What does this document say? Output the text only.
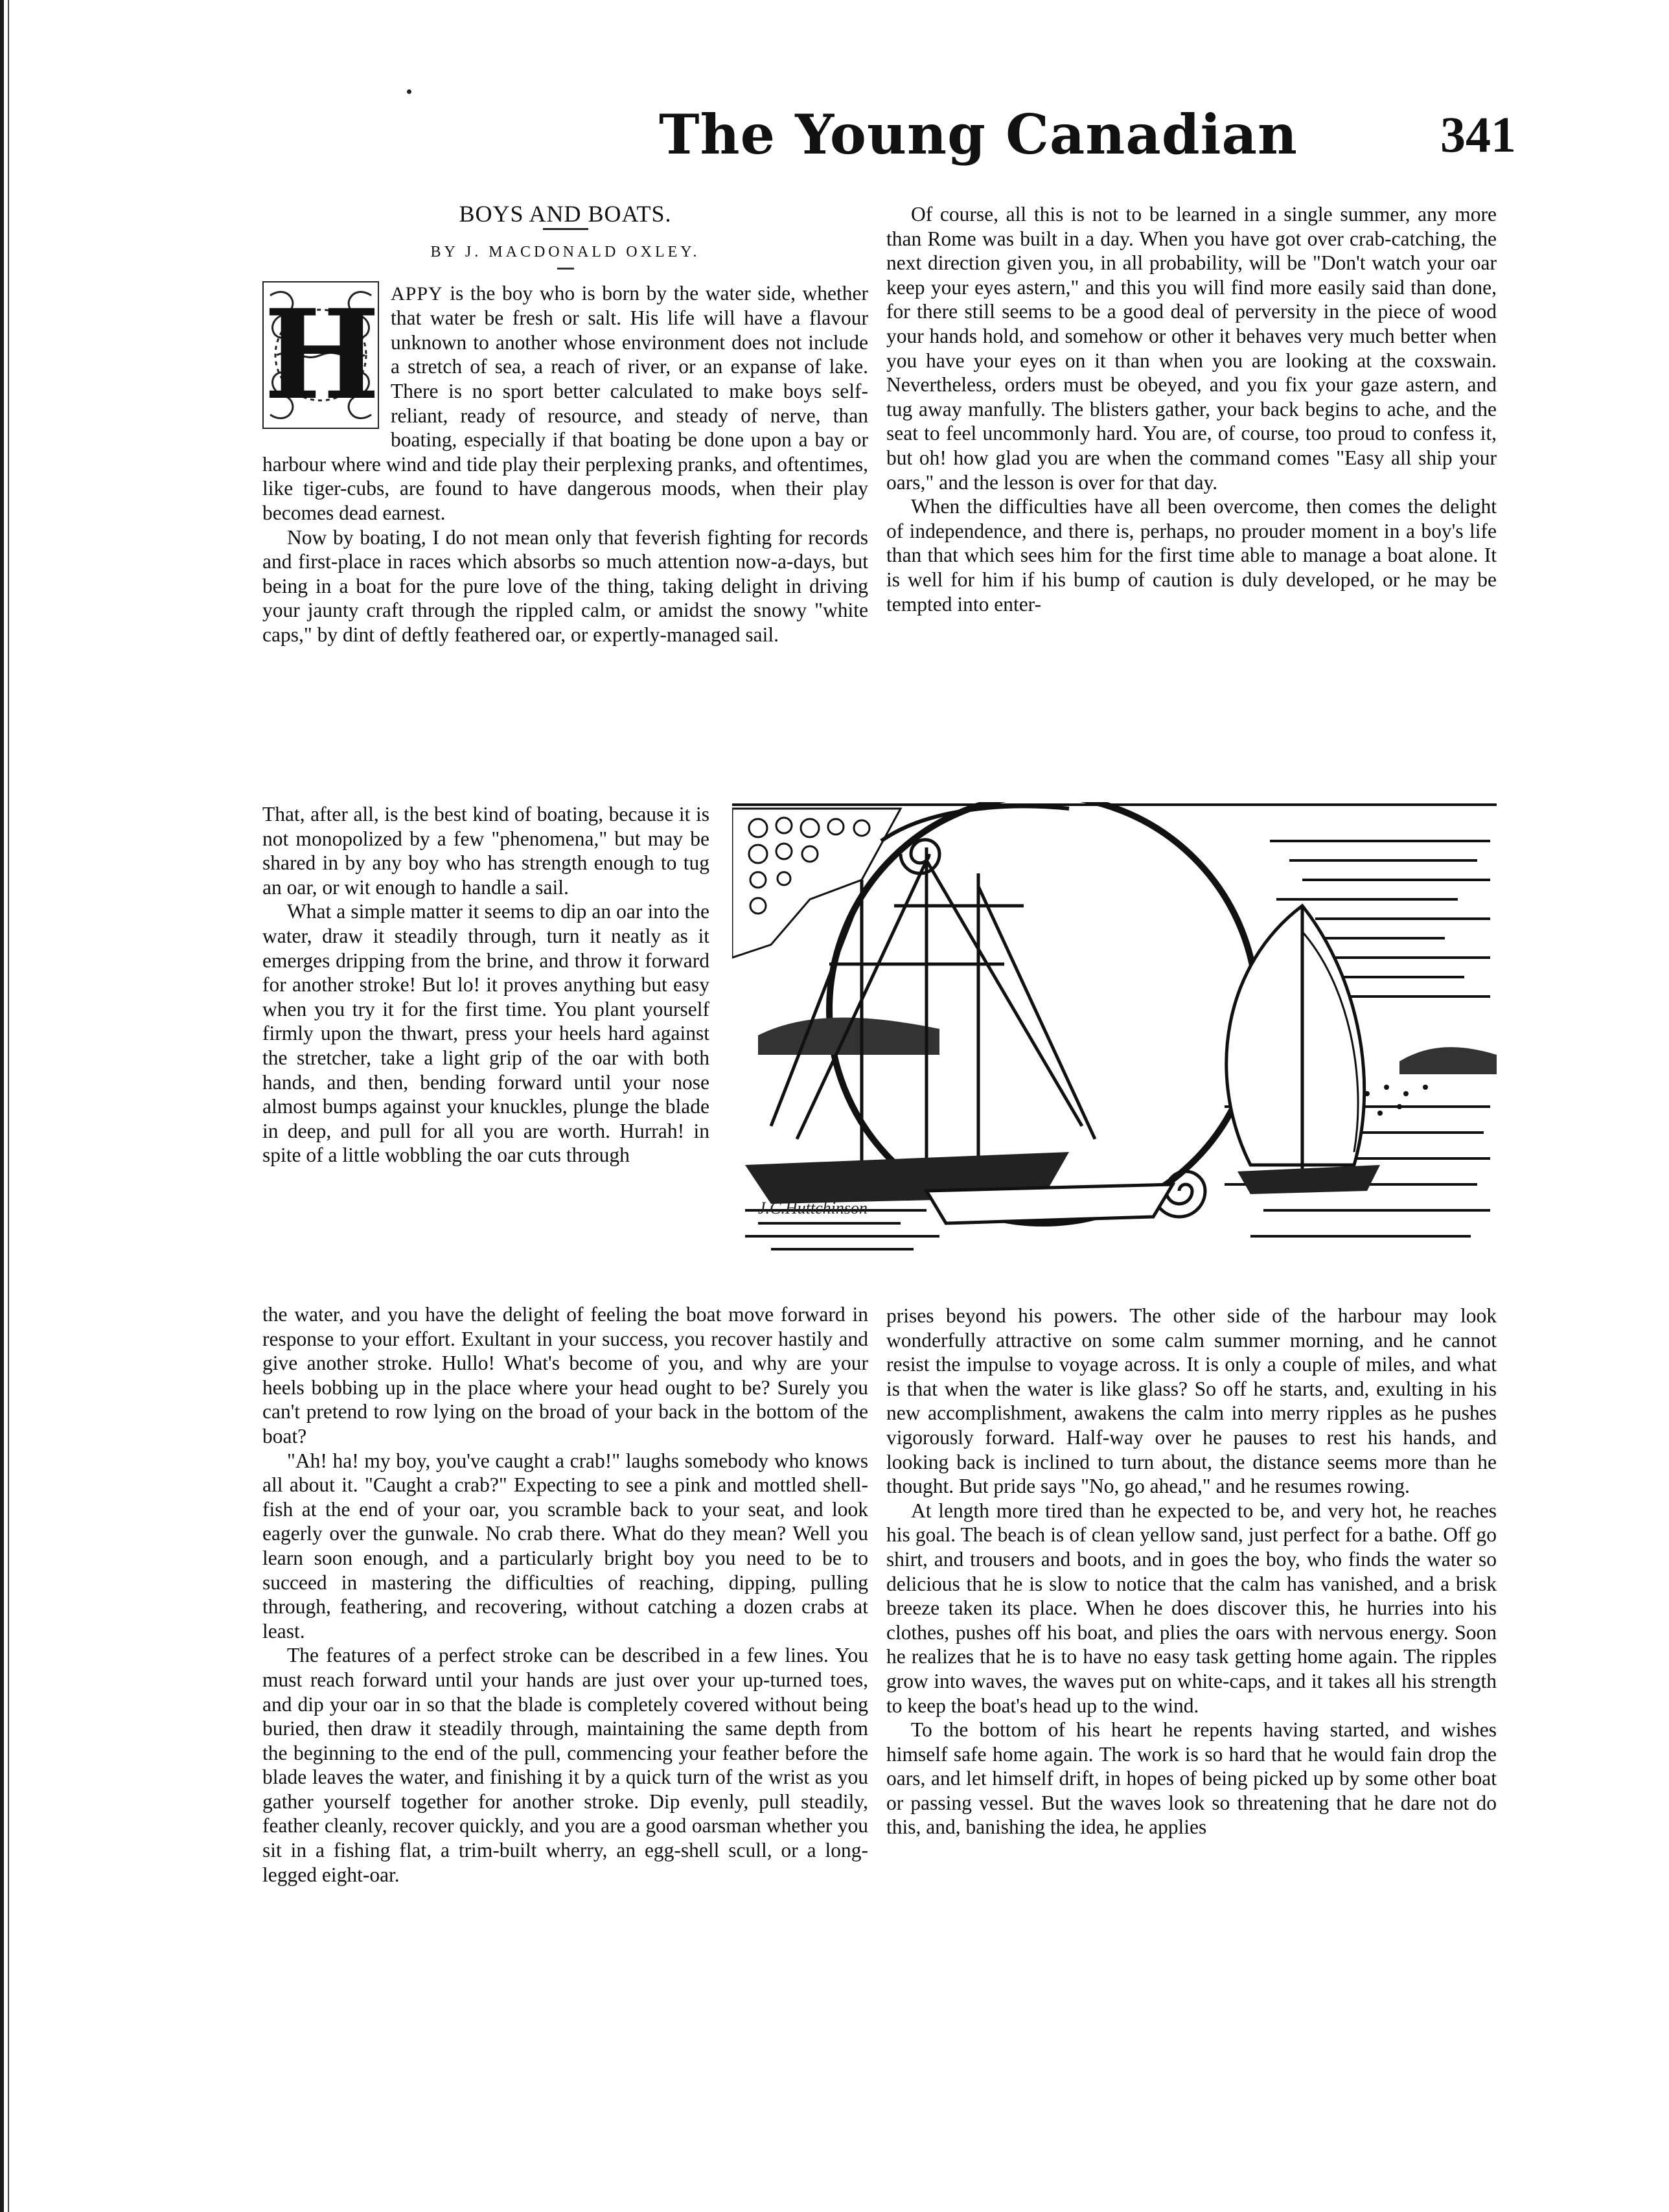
The Young Canadian	341

BOYS AND BOATS.

BY J. MACDONALD OXLEY.

H APPY is the boy who is born by the water side, whether that water be fresh or salt. His life will have a flavour unknown to another whose environment does not include a stretch of sea, a reach of river, or an expanse of lake. There is no sport better calculated to make boys self-reliant, ready of resource, and steady of nerve, than boating, especially if that boating be done upon a bay or harbour where wind and tide play their perplexing pranks, and oftentimes, like tiger-cubs, are found to have dangerous moods, when their play becomes dead earnest.

Now by boating, I do not mean only that feverish fighting for records and first-place in races which absorbs so much attention now-a-days, but being in a boat for the pure love of the thing, taking delight in driving your jaunty craft through the rippled calm, or amidst the snowy "white caps," by dint of deftly feathered oar, or expertly-managed sail.

That, after all, is the best kind of boating, because it is not monopolized by a few "phenomena," but may be shared in by any boy who has strength enough to tug an oar, or wit enough to handle a sail.

What a simple matter it seems to dip an oar into the water, draw it steadily through, turn it neatly as it emerges dripping from the brine, and throw it forward for another stroke! But lo! it proves anything but easy when you try it for the first time. You plant yourself firmly upon the thwart, press your heels hard against the stretcher, take a light grip of the oar with both hands, and then, bending forward until your nose almost bumps against your knuckles, plunge the blade in deep, and pull for all you are worth. Hurrah! in spite of a little wobbling the oar cuts through

the water, and you have the delight of feeling the boat move forward in response to your effort. Exultant in your success, you recover hastily and give another stroke. Hullo! What's become of you, and why are your heels bobbing up in the place where your head ought to be? Surely you can't pretend to row lying on the broad of your back in the bottom of the boat?

"Ah! ha! my boy, you've caught a crab!" laughs somebody who knows all about it. "Caught a crab?" Expecting to see a pink and mottled shell-fish at the end of your oar, you scramble back to your seat, and look eagerly over the gunwale. No crab there. What do they mean? Well you learn soon enough, and a particularly bright boy you need to be to succeed in mastering the difficulties of reaching, dipping, pulling through, feathering, and recovering, without catching a dozen crabs at least.

The features of a perfect stroke can be described in a few lines. You must reach forward until your hands are just over your up-turned toes, and dip your oar in so that the blade is completely covered without being buried, then draw it steadily through, maintaining the same depth from the beginning to the end of the pull, commencing your feather before the blade leaves the water, and finishing it by a quick turn of the wrist as you gather yourself together for another stroke. Dip evenly, pull steadily, feather cleanly, recover quickly, and you are a good oarsman whether you sit in a fishing flat, a trim-built wherry, an egg-shell scull, or a long-legged eight-oar.

Of course, all this is not to be learned in a single summer, any more than Rome was built in a day. When you have got over crab-catching, the next direction given you, in all probability, will be "Don't watch your oar keep your eyes astern," and this you will find more easily said than done, for there still seems to be a good deal of perversity in the piece of wood your hands hold, and somehow or other it behaves very much better when you have your eyes on it than when you are looking at the coxswain. Nevertheless, orders must be obeyed, and you fix your gaze astern, and tug away manfully. The blisters gather, your back begins to ache, and the seat to feel uncommonly hard. You are, of course, too proud to confess it, but oh! how glad you are when the command comes "Easy all ship your oars," and the lesson is over for that day.

When the difficulties have all been overcome, then comes the delight of independence, and there is, perhaps, no prouder moment in a boy's life than that which sees him for the first time able to manage a boat alone. It is well for him if his bump of caution is duly developed, or he may be tempted into enter-

J.C.Huttchinson

prises beyond his powers. The other side of the harbour may look wonderfully attractive on some calm summer morning, and he cannot resist the impulse to voyage across. It is only a couple of miles, and what is that when the water is like glass? So off he starts, and, exulting in his new accomplishment, awakens the calm into merry ripples as he pushes vigorously forward. Half-way over he pauses to rest his hands, and looking back is inclined to turn about, the distance seems more than he thought. But pride says "No, go ahead," and he resumes rowing.

At length more tired than he expected to be, and very hot, he reaches his goal. The beach is of clean yellow sand, just perfect for a bathe. Off go shirt, and trousers and boots, and in goes the boy, who finds the water so delicious that he is slow to notice that the calm has vanished, and a brisk breeze taken its place. When he does discover this, he hurries into his clothes, pushes off his boat, and plies the oars with nervous energy. Soon he realizes that he is to have no easy task getting home again. The ripples grow into waves, the waves put on white-caps, and it takes all his strength to keep the boat's head up to the wind.

To the bottom of his heart he repents having started, and wishes himself safe home again. The work is so hard that he would fain drop the oars, and let himself drift, in hopes of being picked up by some other boat or passing vessel. But the waves look so threatening that he dare not do this, and, banishing the idea, he applies
